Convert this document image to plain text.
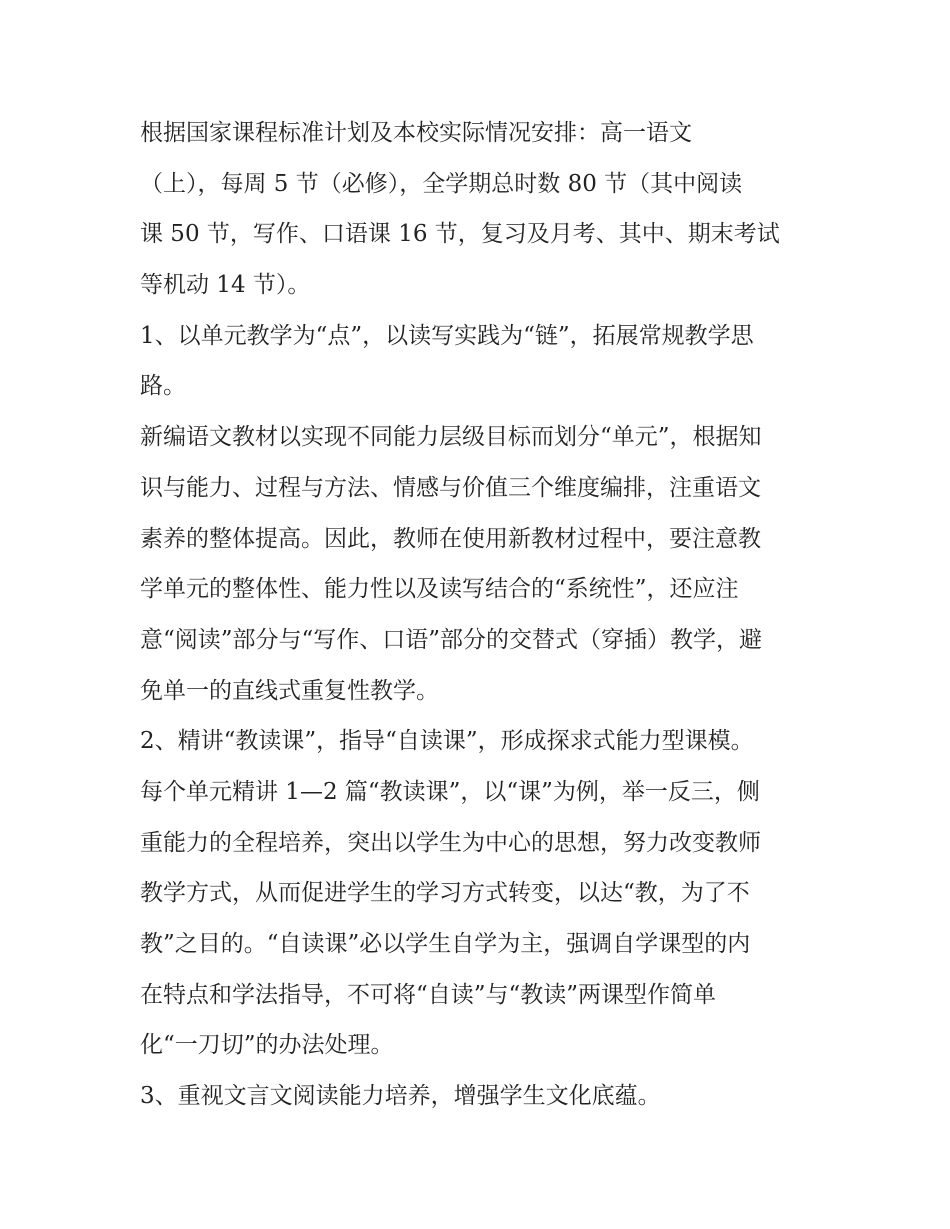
根据国家课程标准计划及本校实际情况安排：高一语文
（上），每周 5 节（必修），全学期总时数 80 节（其中阅读
课 50 节，写作、口语课 16 节，复习及月考、其中、期末考试
等机动 14 节）。
1、以单元教学为“点”，以读写实践为“链”，拓展常规教学思
路。
新编语文教材以实现不同能力层级目标而划分“单元”，根据知
识与能力、过程与方法、情感与价值三个维度编排，注重语文
素养的整体提高。因此，教师在使用新教材过程中，要注意教
学单元的整体性、能力性以及读写结合的“系统性”，还应注
意“阅读”部分与“写作、口语”部分的交替式（穿插）教学，避
免单一的直线式重复性教学。
2、精讲“教读课”，指导“自读课”，形成探求式能力型课模。
每个单元精讲 1—2 篇“教读课”，以“课”为例，举一反三，侧
重能力的全程培养，突出以学生为中心的思想，努力改变教师
教学方式，从而促进学生的学习方式转变，以达“教，为了不
教”之目的。“自读课”必以学生自学为主，强调自学课型的内
在特点和学法指导，不可将“自读”与“教读”两课型作简单
化“一刀切”的办法处理。
3、重视文言文阅读能力培养，增强学生文化底蕴。
